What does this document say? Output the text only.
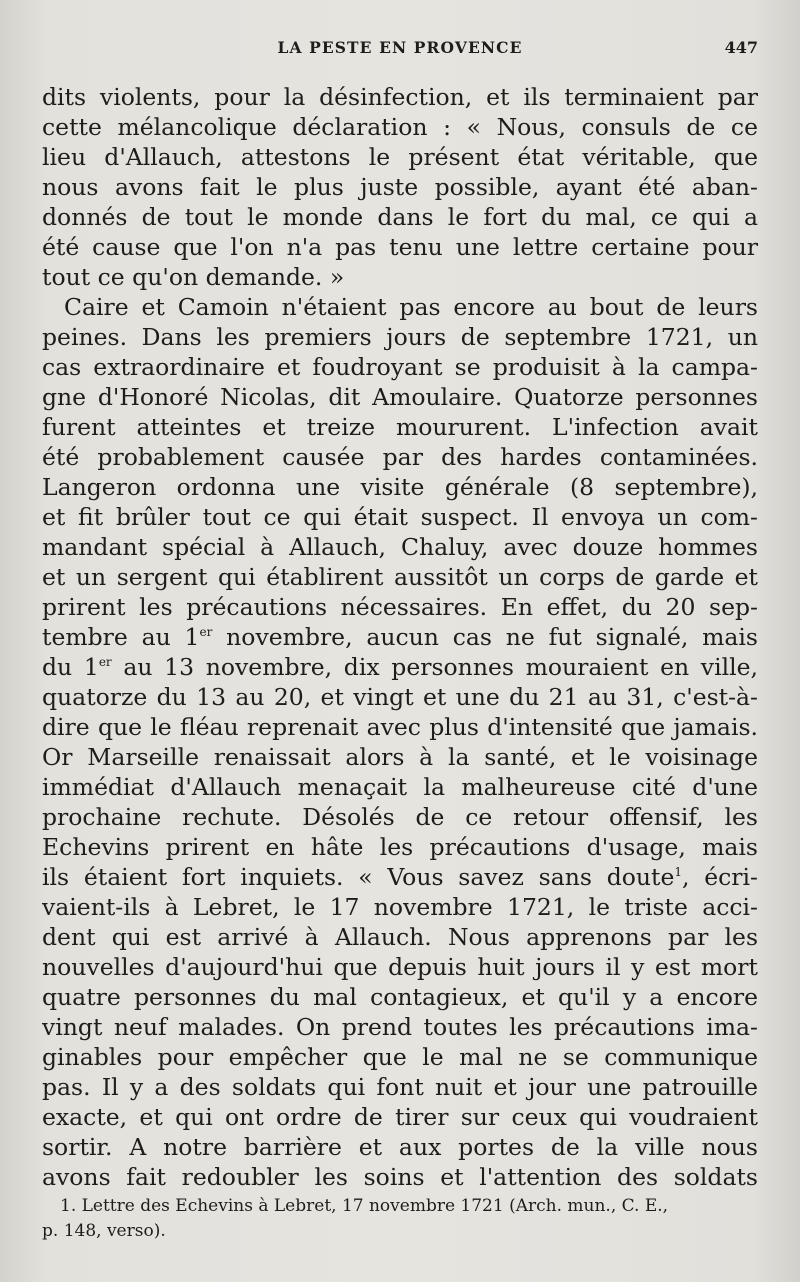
LA PESTE EN PROVENCE	447
dits violents, pour la désinfection, et ils terminaient par
cette mélancolique déclaration : « Nous, consuls de ce
lieu d'Allauch, attestons le présent état véritable, que
nous avons fait le plus juste possible, ayant été aban-
donnés de tout le monde dans le fort du mal, ce qui a
été cause que l'on n'a pas tenu une lettre certaine pour
tout ce qu'on demande. »
Caire et Camoin n'étaient pas encore au bout de leurs
peines. Dans les premiers jours de septembre 1721, un
cas extraordinaire et foudroyant se produisit à la campa-
gne d'Honoré Nicolas, dit Amoulaire. Quatorze personnes
furent atteintes et treize moururent. L'infection avait
été probablement causée par des hardes contaminées.
Langeron ordonna une visite générale (8 septembre),
et fit brûler tout ce qui était suspect. Il envoya un com-
mandant spécial à Allauch, Chaluy, avec douze hommes
et un sergent qui établirent aussitôt un corps de garde et
prirent les précautions nécessaires. En effet, du 20 sep-
tembre au 1er novembre, aucun cas ne fut signalé, mais
du 1er au 13 novembre, dix personnes mouraient en ville,
quatorze du 13 au 20, et vingt et une du 21 au 31, c'est-à-
dire que le fléau reprenait avec plus d'intensité que jamais.
Or Marseille renaissait alors à la santé, et le voisinage
immédiat d'Allauch menaçait la malheureuse cité d'une
prochaine rechute. Désolés de ce retour offensif, les
Echevins prirent en hâte les précautions d'usage, mais
ils étaient fort inquiets. « Vous savez sans doute$^1$, écri-
vaient-ils à Lebret, le 17 novembre 1721, le triste acci-
dent qui est arrivé à Allauch. Nous apprenons par les
nouvelles d'aujourd'hui que depuis huit jours il y est mort
quatre personnes du mal contagieux, et qu'il y a encore
vingt neuf malades. On prend toutes les précautions ima-
ginables pour empêcher que le mal ne se communique
pas. Il y a des soldats qui font nuit et jour une patrouille
exacte, et qui ont ordre de tirer sur ceux qui voudraient
sortir. A notre barrière et aux portes de la ville nous
avons fait redoubler les soins et l'attention des soldats
1. Lettre des Echevins à Lebret, 17 novembre 1721 (Arch. mun., C. E.,
p. 148, verso).
